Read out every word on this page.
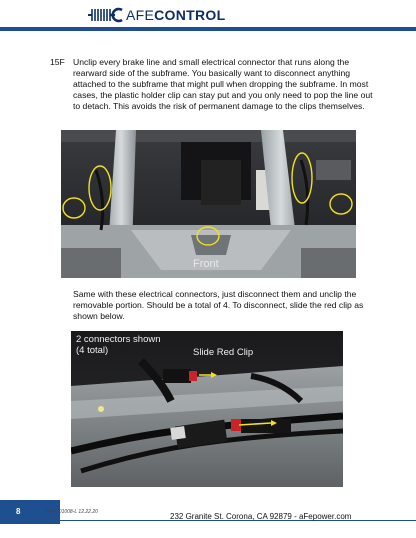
AFECONTROL
15F Unclip every brake line and small electrical connector that runs along the rearward side of the subframe. You basically want to disconnect anything attached to the subframe that might pull when dropping the subframe. In most cases, the plastic holder clip can stay put and you only need to pop the line out to detach. This avoids the risk of permanent damage to the clips themselves.
Front
Same with these electrical connectors, just disconnect them and unclip the removable portion. Should be a total of 4. To disconnect, slide the red clip as shown below.
2 connectors shown
(4 total)	Slide Red Clip
8	440-401008-L 12.22.20	232 Granite St. Corona, CA 92879 - aFepower.com
